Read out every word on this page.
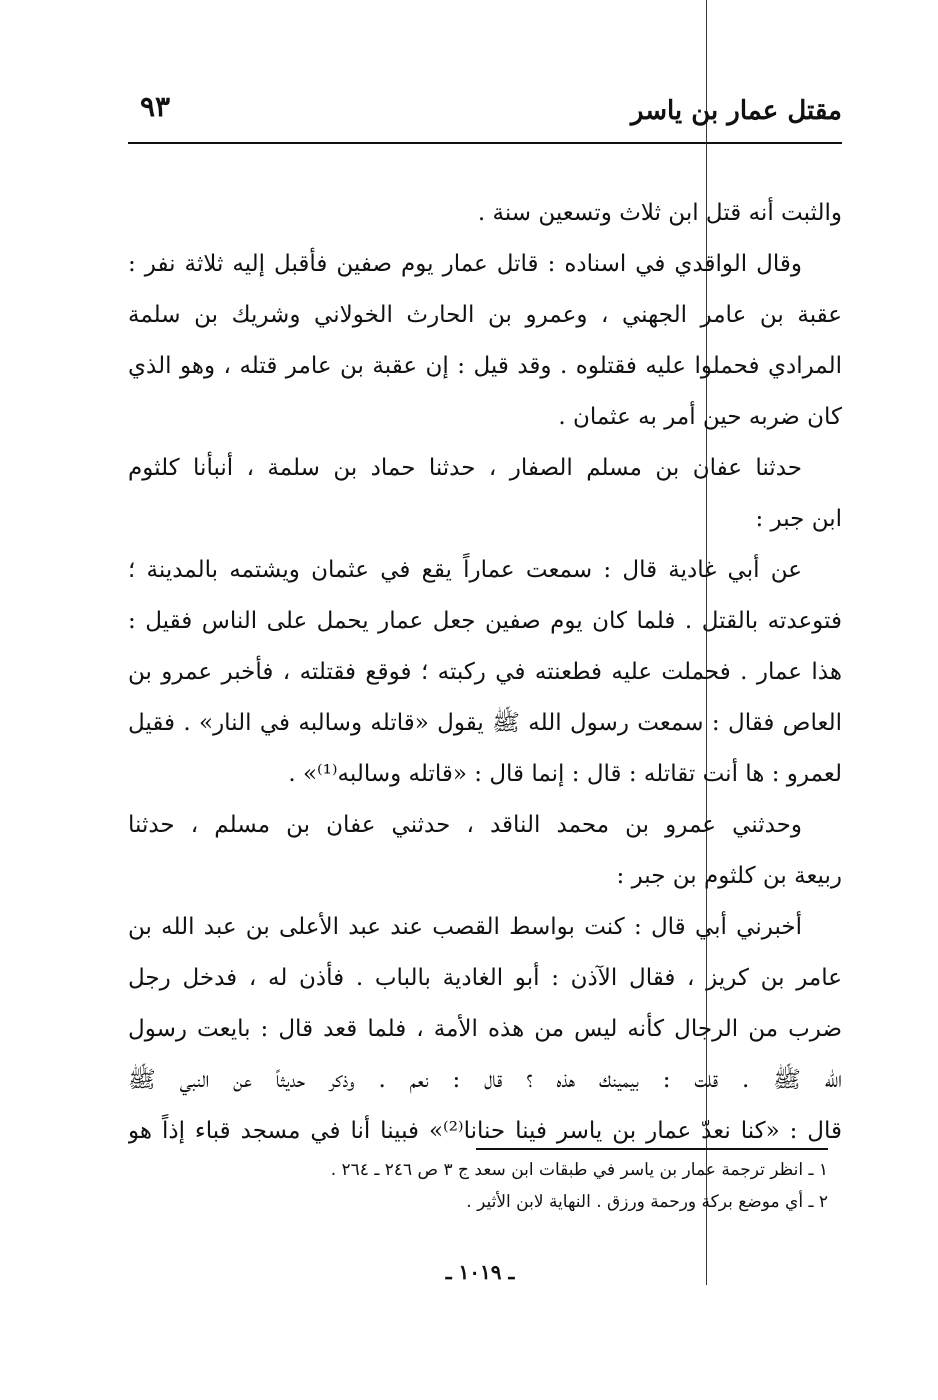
مقتل عمار بن ياسر
٩٣
والثبت أنه قتل ابن ثلاث وتسعين سنة .
وقال الواقدي في اسناده : قاتل عمار يوم صفين فأقبل إليه ثلاثة نفر :
عقبة بن عامر الجهني ، وعمرو بن الحارث الخولاني وشريك بن سلمة
المرادي فحملوا عليه فقتلوه . وقد قيل : إن عقبة بن عامر قتله ، وهو الذي
كان ضربه حين أمر به عثمان .
حدثنا عفان بن مسلم الصفار ، حدثنا حماد بن سلمة ، أنبأنا كلثوم
ابن جبر :
عن أبي غادية قال : سمعت عماراً يقع في عثمان ويشتمه بالمدينة ؛
فتوعدته بالقتل . فلما كان يوم صفين جعل عمار يحمل على الناس فقيل :
هذا عمار . فحملت عليه فطعنته في ركبته ؛ فوقع فقتلته ، فأخبر عمرو بن
العاص فقال : سمعت رسول الله ﷺ يقول «قاتله وسالبه في النار» . فقيل
لعمرو : ها أنت تقاتله : قال : إنما قال : «قاتله وسالبه⁽¹⁾» .
وحدثني عمرو بن محمد الناقد ، حدثني عفان بن مسلم ، حدثنا
ربيعة بن كلثوم بن جبر :
أخبرني أبي قال : كنت بواسط القصب عند عبد الأعلى بن عبد الله بن
عامر بن كريز ، فقال الآذن : أبو الغادية بالباب . فأذن له ، فدخل رجل
ضرب من الرجال كأنه ليس من هذه الأمة ، فلما قعد قال : بايعت رسول
الله ﷺ . قلت : بيمينك هذه ؟ قال : نعم . وذكر حديثاً عن النبي ﷺ
قال : «كنا نعدّ عمار بن ياسر فينا حنانا⁽²⁾» فبينا أنا في مسجد قباء إذاً هو
١ ـ انظر ترجمة عمار بن ياسر في طبقات ابن سعد ج ٣ ص ٢٤٦ ـ ٢٦٤ .
٢ ـ أي موضع بركة ورحمة ورزق . النهاية لابن الأثير .
ـ ١٠١٩ ـ
